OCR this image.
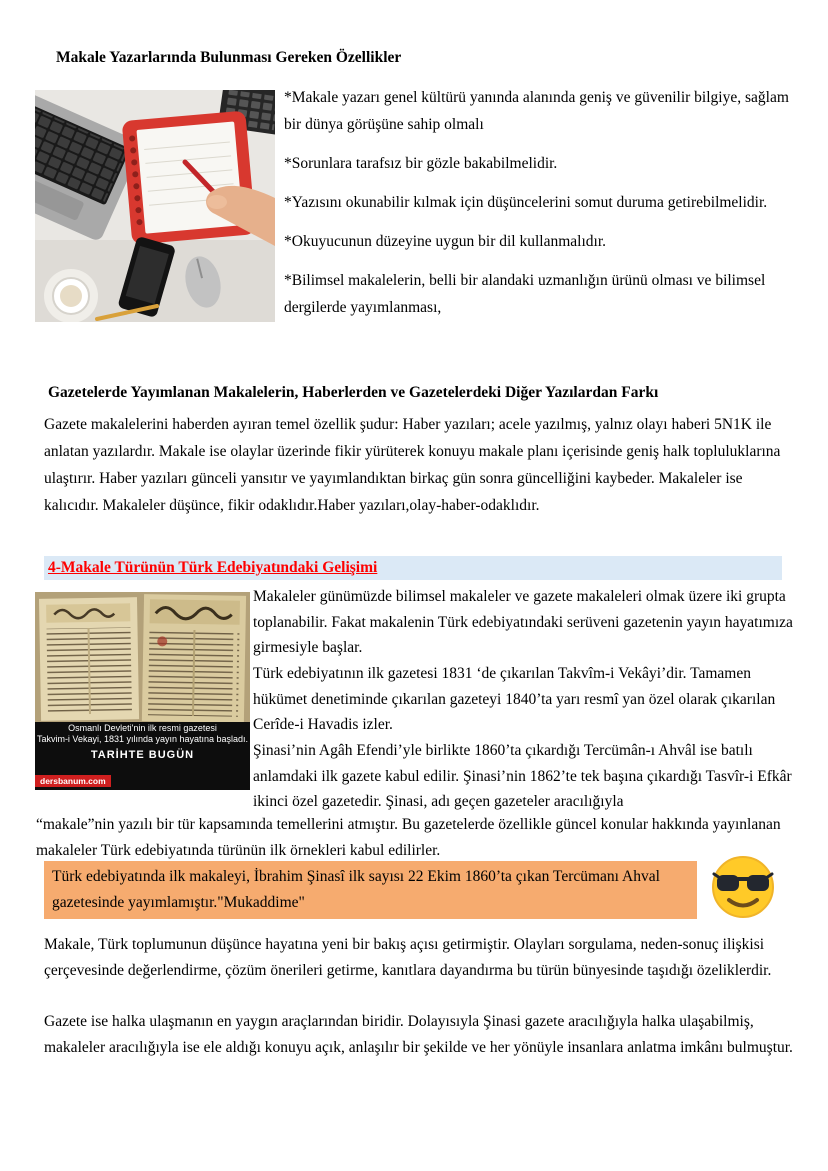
Makale Yazarlarında Bulunması Gereken Özellikler

*Makale yazarı genel kültürü yanında alanında geniş ve güvenilir bilgiye, sağlam bir dünya görüşüne sahip olmalı

*Sorunlara tarafsız bir gözle bakabilmelidir.

*Yazısını okunabilir kılmak için düşüncelerini somut duruma getirebilmelidir.

*Okuyucunun düzeyine uygun bir dil kullanmalıdır.

*Bilimsel makalelerin, belli bir alandaki uzmanlığın ürünü olması ve bilimsel dergilerde yayımlanması,

Gazetelerde Yayımlanan Makalelerin, Haberlerden ve Gazetelerdeki Diğer Yazılardan Farkı

Gazete makalelerini haberden ayıran temel özellik şudur: Haber yazıları; acele yazılmış, yalnız olayı haberi 5N1K ile anlatan yazılardır. Makale ise olaylar üzerinde fikir yürüterek konuyu makale planı içerisinde geniş halk topluluklarına ulaştırır. Haber yazıları günceli yansıtır ve yayımlandıktan birkaç gün sonra güncelliğini kaybeder. Makaleler ise kalıcıdır. Makaleler düşünce, fikir odaklıdır.Haber yazıları,olay-haber-odaklıdır.

4-Makale Türünün Türk Edebiyatındaki Gelişimi

Osmanlı Devleti'nin ilk resmi gazetesi

Takvim-i Vekayi, 1831 yılında yayın hayatına başladı.

TARİHTE BUGÜN

dersbanum.com

Makaleler günümüzde bilimsel makaleler ve gazete makaleleri olmak üzere iki grupta toplanabilir. Fakat makalenin Türk edebiyatındaki serüveni gazetenin yayın hayatımıza girmesiyle başlar.

Türk edebiyatının ilk gazetesi 1831 ‘de çıkarılan Takvîm-i Vekâyi’dir. Tamamen hükümet denetiminde çıkarılan gazeteyi 1840’ta yarı resmî yan özel olarak çıkarılan Cerîde-i Havadis izler.

Şinasi’nin Agâh Efendi’yle birlikte 1860’ta çıkardığı Tercümân-ı Ahvâl ise batılı anlamdaki ilk gazete kabul edilir. Şinasi’nin 1862’te tek başına çıkardığı Tasvîr-i Efkâr ikinci özel gazetedir. Şinasi, adı geçen gazeteler aracılığıyla

“makale”nin yazılı bir tür kapsamında temellerini atmıştır. Bu gazetelerde özellikle güncel konular hakkında yayınlanan makaleler Türk edebiyatında türünün ilk örnekleri kabul edilirler.

Türk edebiyatında ilk makaleyi, İbrahim Şinasî ilk sayısı 22 Ekim 1860’ta çıkan Tercümanı Ahval gazetesinde yayımlamıştır."Mukaddime"

Makale, Türk toplumunun düşünce hayatına yeni bir bakış açısı getirmiştir. Olayları sorgulama, neden-sonuç ilişkisi çerçevesinde değerlendirme, çözüm önerileri getirme, kanıtlara dayandırma bu türün bünyesinde taşıdığı özeliklerdir.

Gazete ise halka ulaşmanın en yaygın araçlarından biridir. Dolayısıyla Şinasi gazete aracılığıyla halka ulaşabilmiş, makaleler aracılığıyla ise ele aldığı konuyu açık, anlaşılır bir şekilde ve her yönüyle insanlara anlatma imkânı bulmuştur.
